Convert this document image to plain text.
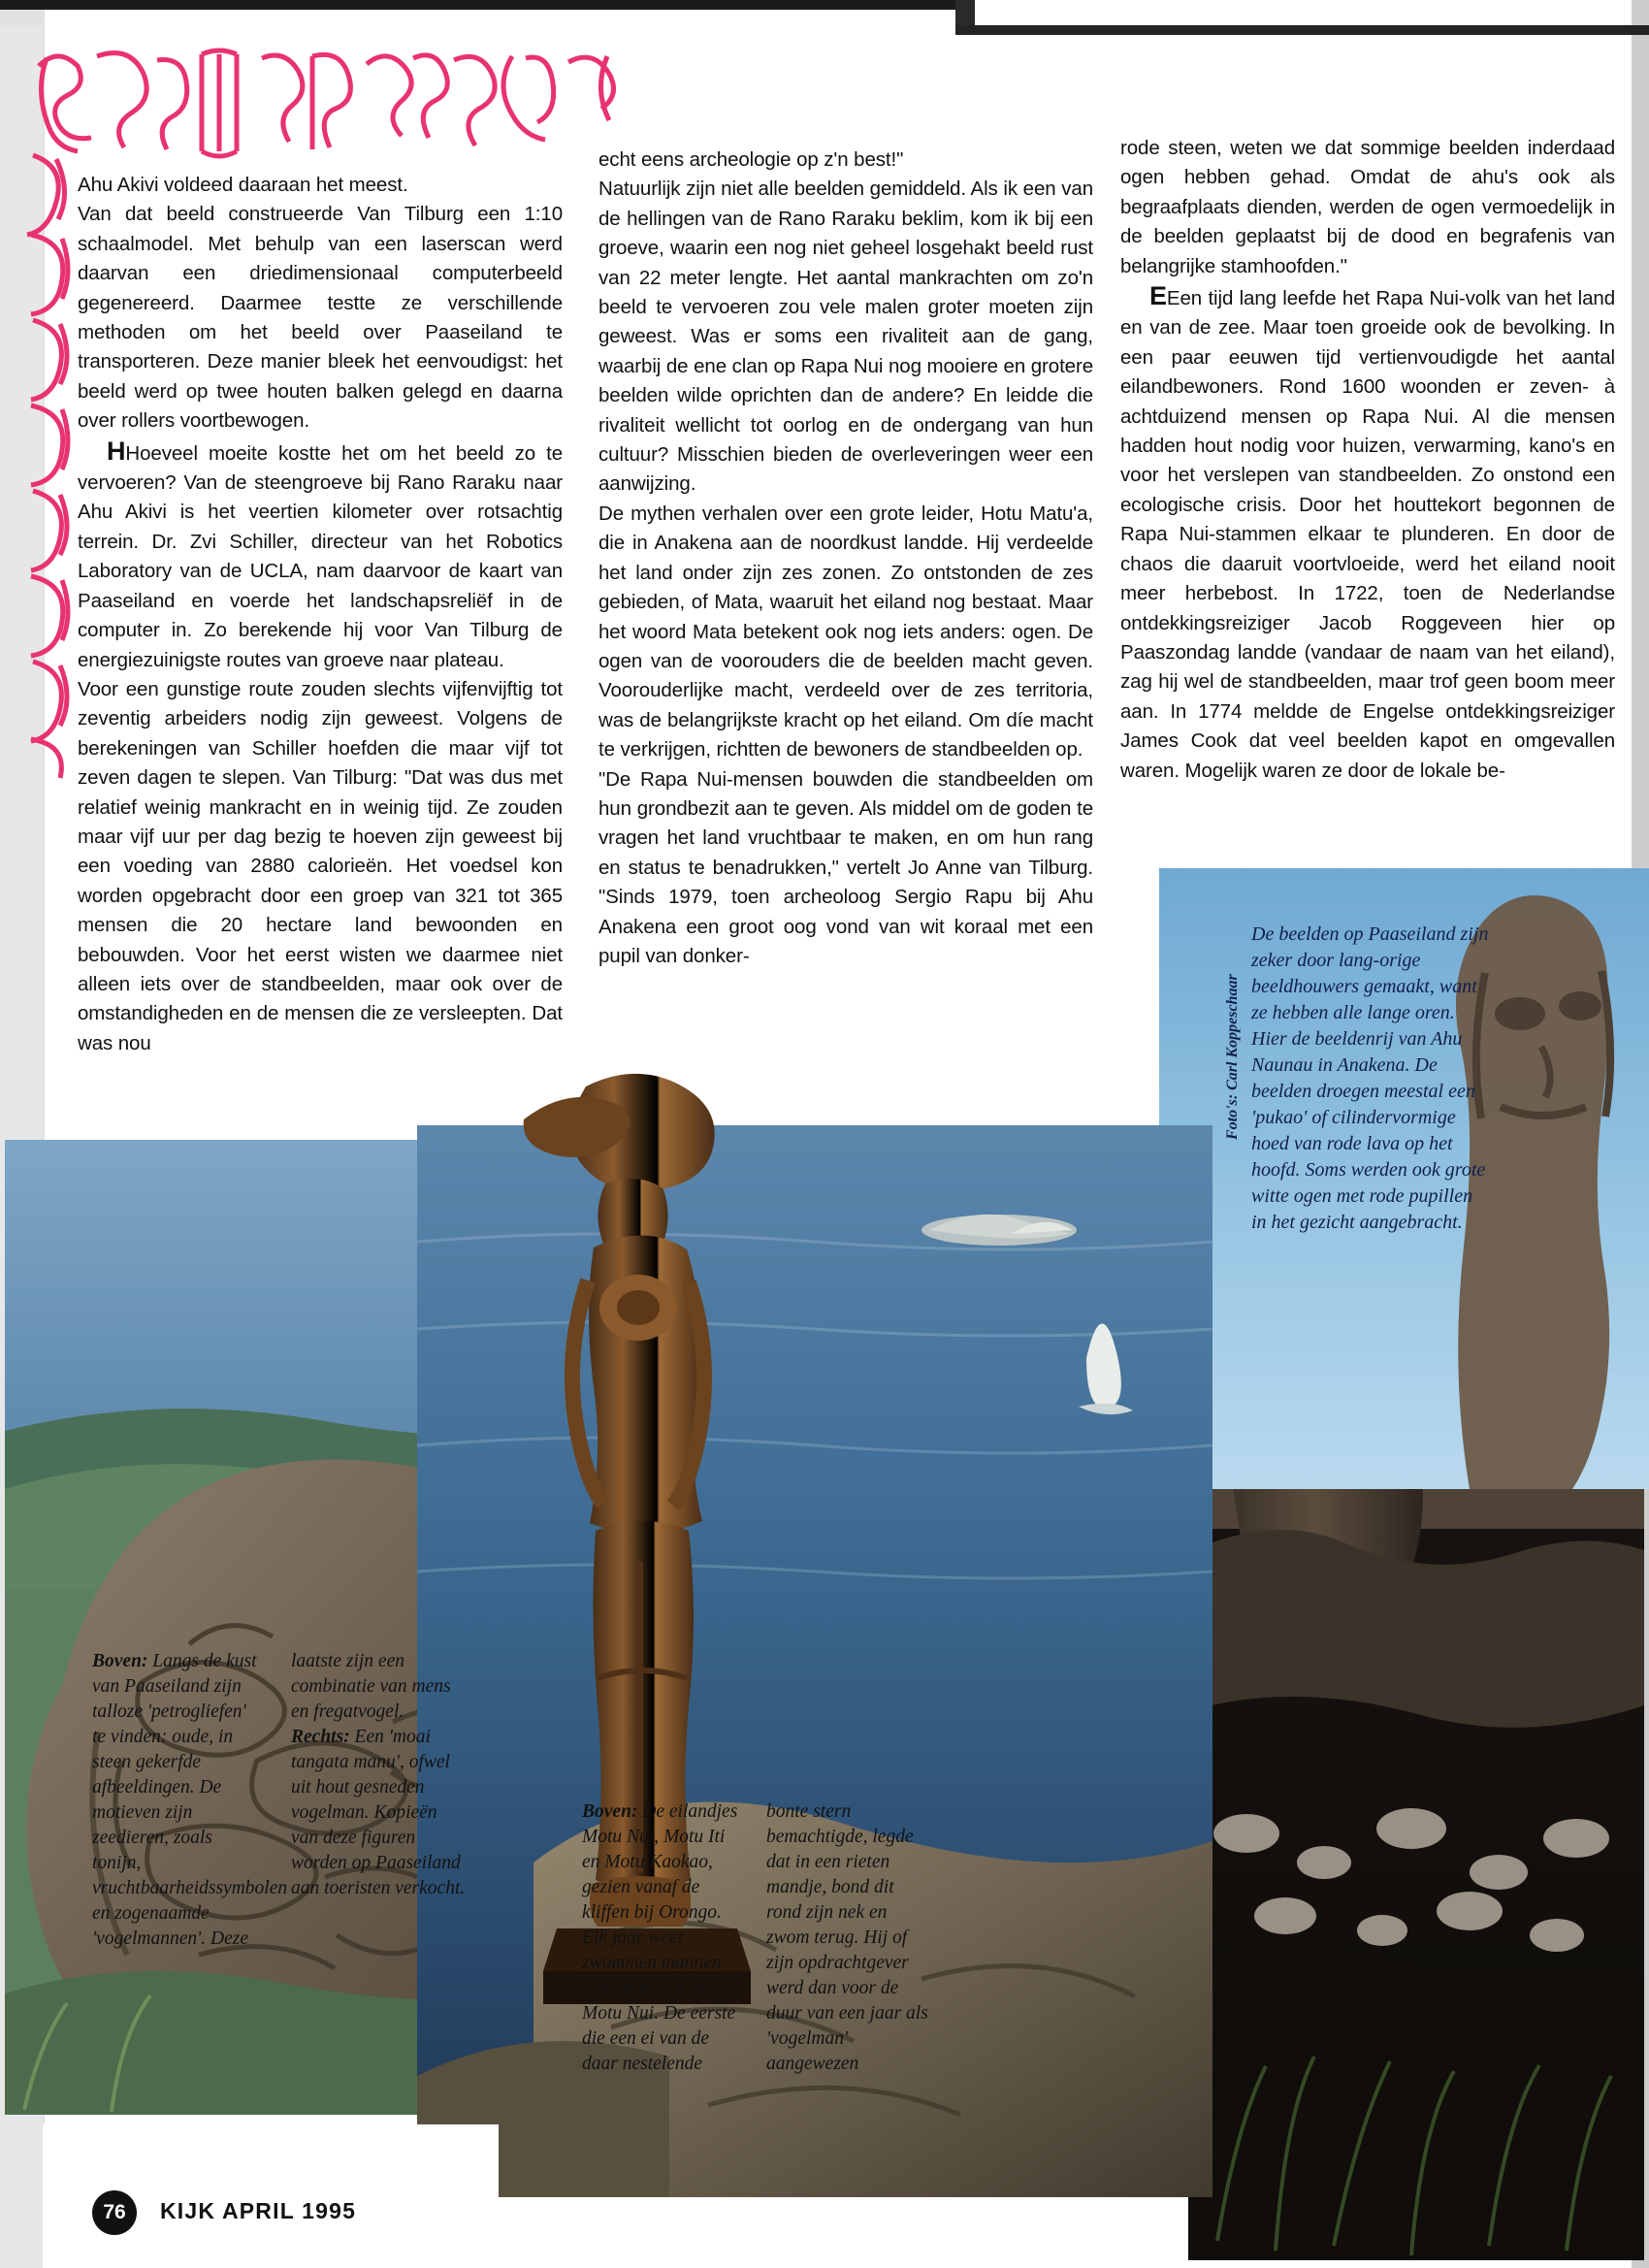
Ahu Akivi voldeed daaraan het meest.

Van dat beeld construeerde Van Tilburg een 1:10 schaalmodel. Met behulp van een laserscan werd daarvan een driedimensionaal computerbeeld gegenereerd. Daarmee testte ze verschillende methoden om het beeld over Paaseiland te transporteren. Deze manier bleek het eenvoudigst: het beeld werd op twee houten balken gelegd en daarna over rollers voortbewogen.

HHoeveel moeite kostte het om het beeld zo te vervoeren? Van de steengroeve bij Rano Raraku naar Ahu Akivi is het veertien kilometer over rotsachtig terrein. Dr. Zvi Schiller, directeur van het Robotics Laboratory van de UCLA, nam daarvoor de kaart van Paaseiland en voerde het landschapsreliëf in de computer in. Zo berekende hij voor Van Tilburg de energiezuinigste routes van groeve naar plateau.

Voor een gunstige route zouden slechts vijfenvijftig tot zeventig arbeiders nodig zijn geweest. Volgens de berekeningen van Schiller hoefden die maar vijf tot zeven dagen te slepen. Van Tilburg: "Dat was dus met relatief weinig mankracht en in weinig tijd. Ze zouden maar vijf uur per dag bezig te hoeven zijn geweest bij een voeding van 2880 calorieën. Het voedsel kon worden opgebracht door een groep van 321 tot 365 mensen die 20 hectare land bewoonden en bebouwden. Voor het eerst wisten we daarmee niet alleen iets over de standbeelden, maar ook over de omstandigheden en de mensen die ze versleepten. Dat was nou

echt eens archeologie op z'n best!"

Natuurlijk zijn niet alle beelden gemiddeld. Als ik een van de hellingen van de Rano Raraku beklim, kom ik bij een groeve, waarin een nog niet geheel losgehakt beeld rust van 22 meter lengte. Het aantal mankrachten om zo'n beeld te vervoeren zou vele malen groter moeten zijn geweest. Was er soms een rivaliteit aan de gang, waarbij de ene clan op Rapa Nui nog mooiere en grotere beelden wilde oprichten dan de andere? En leidde die rivaliteit wellicht tot oorlog en de ondergang van hun cultuur? Misschien bieden de overleveringen weer een aanwijzing.

De mythen verhalen over een grote leider, Hotu Matu'a, die in Anakena aan de noordkust landde. Hij verdeelde het land onder zijn zes zonen. Zo ontstonden de zes gebieden, of Mata, waaruit het eiland nog bestaat. Maar het woord Mata betekent ook nog iets anders: ogen. De ogen van de voorouders die de beelden macht geven. Voorouderlijke macht, verdeeld over de zes territoria, was de belangrijkste kracht op het eiland. Om díe macht te verkrijgen, richtten de bewoners de standbeelden op.

"De Rapa Nui-mensen bouwden die standbeelden om hun grondbezit aan te geven. Als middel om de goden te vragen het land vruchtbaar te maken, en om hun rang en status te benadrukken," vertelt Jo Anne van Tilburg. "Sinds 1979, toen archeoloog Sergio Rapu bij Ahu Anakena een groot oog vond van wit koraal met een pupil van donker-

rode steen, weten we dat sommige beelden inderdaad ogen hebben gehad. Omdat de ahu's ook als begraafplaats dienden, werden de ogen vermoedelijk in de beelden geplaatst bij de dood en begrafenis van belangrijke stamhoofden."

EEen tijd lang leefde het Rapa Nui-volk van het land en van de zee. Maar toen groeide ook de bevolking. In een paar eeuwen tijd vertienvoudigde het aantal eilandbewoners. Rond 1600 woonden er zeven- à achtduizend mensen op Rapa Nui. Al die mensen hadden hout nodig voor huizen, verwarming, kano's en voor het verslepen van standbeelden. Zo onstond een ecologische crisis. Door het houttekort begonnen de Rapa Nui-stammen elkaar te plunderen. En door de chaos die daaruit voortvloeide, werd het eiland nooit meer herbebost. In 1722, toen de Nederlandse ontdekkingsreiziger Jacob Roggeveen hier op Paaszondag landde (vandaar de naam van het eiland), zag hij wel de standbeelden, maar trof geen boom meer aan. In 1774 meldde de Engelse ontdekkingsreiziger James Cook dat veel beelden kapot en omgevallen waren. Mogelijk waren ze door de lokale be-

De beelden op Paaseiland zijn zeker door lang-orige beeldhouwers gemaakt, want ze hebben alle lange oren. Hier de beeldenrij van Ahu Naunau in Anakena. De beelden droegen meestal een 'pukao' of cilindervormige hoed van rode lava op het hoofd. Soms werden ook grote witte ogen met rode pupillen in het gezicht aangebracht.
Foto's: Carl Koppeschaar
Boven: Langs de kust van Paaseiland zijn talloze 'petrogliefen' te vinden: oude, in steen gekerfde afbeeldingen. De motieven zijn zeedieren, zoals tonijn, vruchtbaarheidssymbolen en zogenaamde 'vogelmannen'. Deze
laatste zijn een combinatie van mens en fregatvogel. Rechts: Een 'moai tangata manu', ofwel uit hout gesneden vogelman. Kopieën van deze figuren worden op Paaseiland aan toeristen verkocht.
Boven: De eilandjes Motu Nui, Motu Iti en Motu Kaokao, gezien vanaf de kliffen bij Orongo. Elk jaar weer zwommen mannen van Orongo naar Motu Nui. De eerste die een ei van de daar nestelende
bonte stern bemachtigde, legde dat in een rieten mandje, bond dit rond zijn nek en zwom terug. Hij of zijn opdrachtgever werd dan voor de duur van een jaar als 'vogelman' aangewezen
76	KIJK APRIL 1995
